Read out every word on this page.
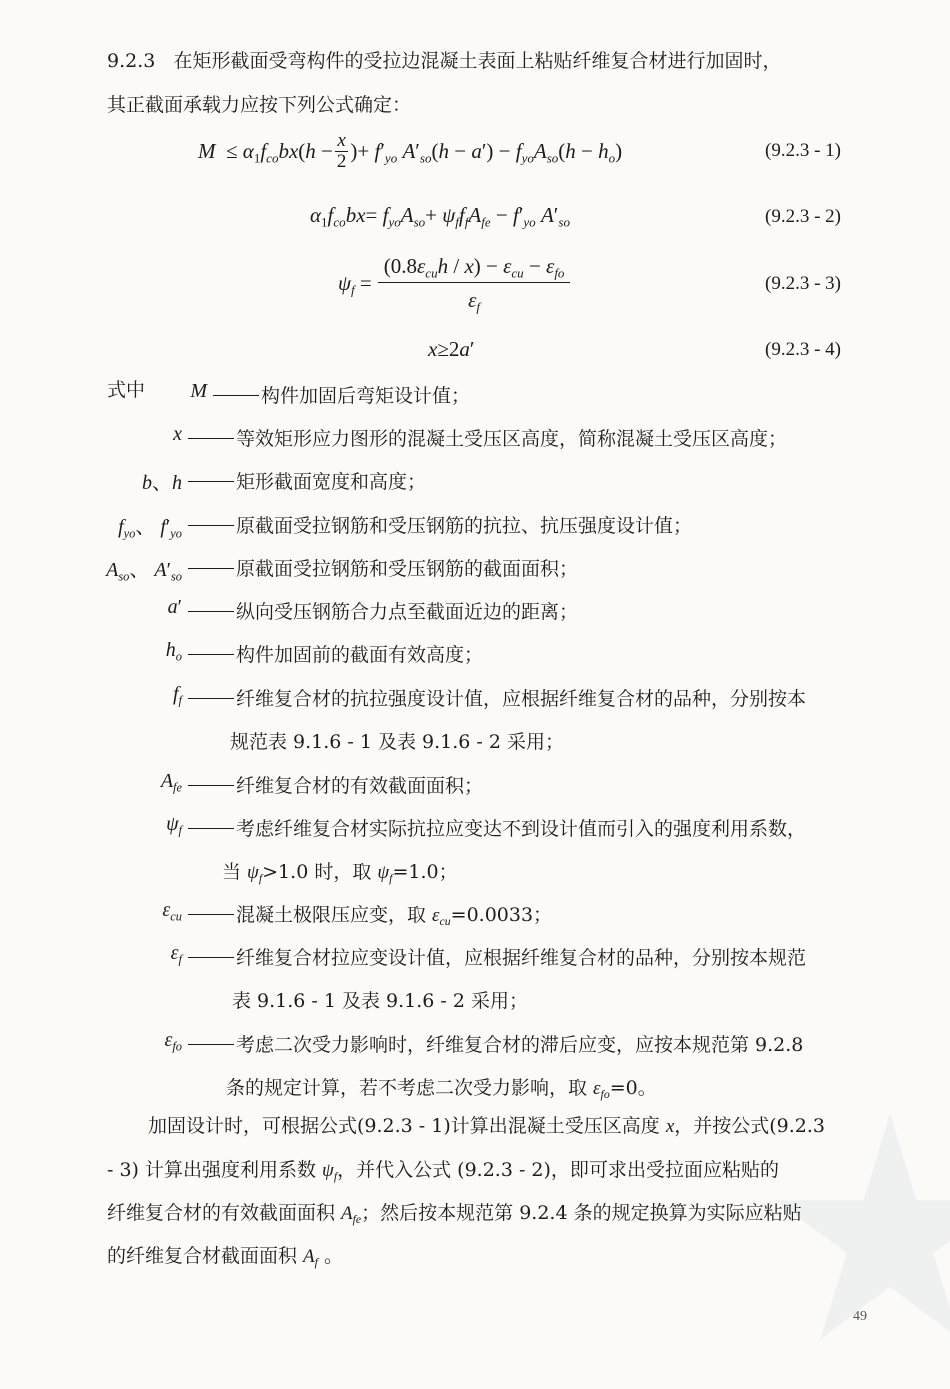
9.2.3 在矩形截面受弯构件的受拉边混凝土表面上粘贴纤维复合材进行加固时，
其正截面承载力应按下列公式确定：
$M \le \alpha_1f_{co}bx(h - \frac{x}{2}$ )+ $f'_{yo}$ $A'_{so}(h - a') - f_{yo}A_{so}(h - h_o)$	(9.2.3 - 1)
$\alpha_1f_{co}bx= f_{yo}A_{so}+ \psi_ff_fA_{fe} - f'_{yo}$ $A'_{so}$	(9.2.3 - 2)
$\psi_f = \frac{(0.8\varepsilon_{cu}h / x) - \varepsilon_{cu} - \varepsilon_{fo}}{\varepsilon_f}$	(9.2.3 - 3)
x≥2a′	(9.2.3 - 4)
式中	M	构件加固后弯矩设计值；
x	等效矩形应力图形的混凝土受压区高度，简称混凝土受压区高度；
b、h	矩形截面宽度和高度；
$f_{yo}$、 $f'_{yo}$	原截面受拉钢筋和受压钢筋的抗拉、抗压强度设计值；
$A_{so}$、 $A'_{so}$	原截面受拉钢筋和受压钢筋的截面面积；
a′	纵向受压钢筋合力点至截面近边的距离；
$h_o$	构件加固前的截面有效高度；
$f_f$	纤维复合材的抗拉强度设计值，应根据纤维复合材的品种，分别按本
规范表 9.1.6 - 1 及表 9.1.6 - 2 采用；
$A_{fe}$	纤维复合材的有效截面面积；
$\psi_f$	考虑纤维复合材实际抗拉应变达不到设计值而引入的强度利用系数，
当 $\psi_f>1.0$ 时，取 $\psi_f=1.0$；
$\varepsilon_{cu}$	混凝土极限压应变，取 $\varepsilon_{cu}=0.0033$；
$\varepsilon_f$	纤维复合材拉应变设计值，应根据纤维复合材的品种，分别按本规范
表 9.1.6 - 1 及表 9.1.6 - 2 采用；
$\varepsilon_{fo}$	考虑二次受力影响时，纤维复合材的滞后应变，应按本规范第 9.2.8
条的规定计算，若不考虑二次受力影响，取 $\varepsilon_{fo}=0$。
加固设计时，可根据公式(9.2.3 - 1)计算出混凝土受压区高度 x，并按公式(9.2.3
- 3) 计算出强度利用系数 $\psi_f$，并代入公式 (9.2.3 - 2)，即可求出受拉面应粘贴的
纤维复合材的有效截面面积 $A_{fe}$；然后按本规范第 9.2.4 条的规定换算为实际应粘贴
的纤维复合材截面面积 $A_f$ 。
49
